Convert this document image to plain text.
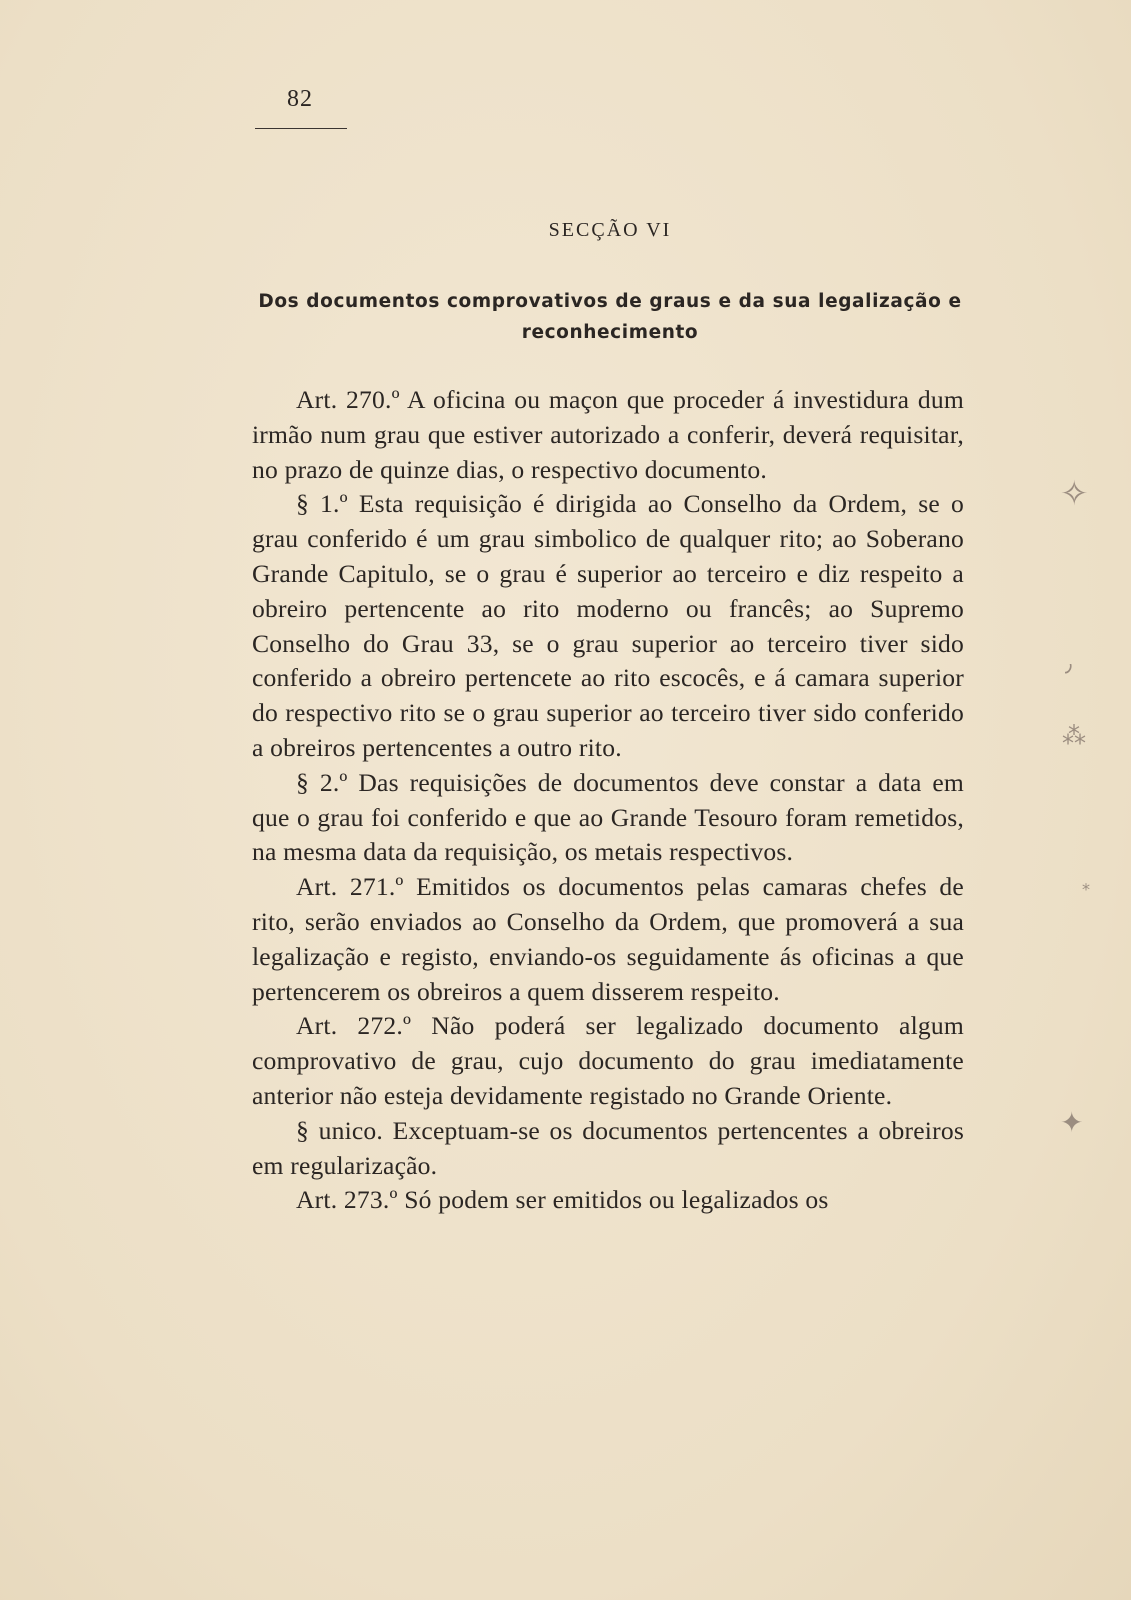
82
SECÇÃO VI
Dos documentos comprovativos de graus e da sua legalização e reconhecimento

Art. 270.º A oficina ou maçon que proceder á investidura dum irmão num grau que estiver autorizado a conferir, deverá requisitar, no prazo de quinze dias, o respectivo documento.

§ 1.º Esta requisição é dirigida ao Conselho da Ordem, se o grau conferido é um grau simbolico de qualquer rito; ao Soberano Grande Capitulo, se o grau é superior ao terceiro e diz respeito a obreiro pertencente ao rito moderno ou francês; ao Supremo Conselho do Grau 33, se o grau superior ao terceiro tiver sido conferido a obreiro pertencete ao rito escocês, e á camara superior do respectivo rito se o grau superior ao terceiro tiver sido conferido a obreiros pertencentes a outro rito.

§ 2.º Das requisições de documentos deve constar a data em que o grau foi conferido e que ao Grande Tesouro foram remetidos, na mesma data da requisição, os metais respectivos.

Art. 271.º Emitidos os documentos pelas camaras chefes de rito, serão enviados ao Conselho da Ordem, que promoverá a sua legalização e registo, enviando-os seguidamente ás oficinas a que pertencerem os obreiros a quem disserem respeito.

Art. 272.º Não poderá ser legalizado documento algum comprovativo de grau, cujo documento do grau imediatamente anterior não esteja devidamente registado no Grande Oriente.

§ unico. Exceptuam-se os documentos pertencentes a obreiros em regularização.

Art. 273.º Só podem ser emitidos ou legalizados os

✧
٫
⁂
⁎
✦
